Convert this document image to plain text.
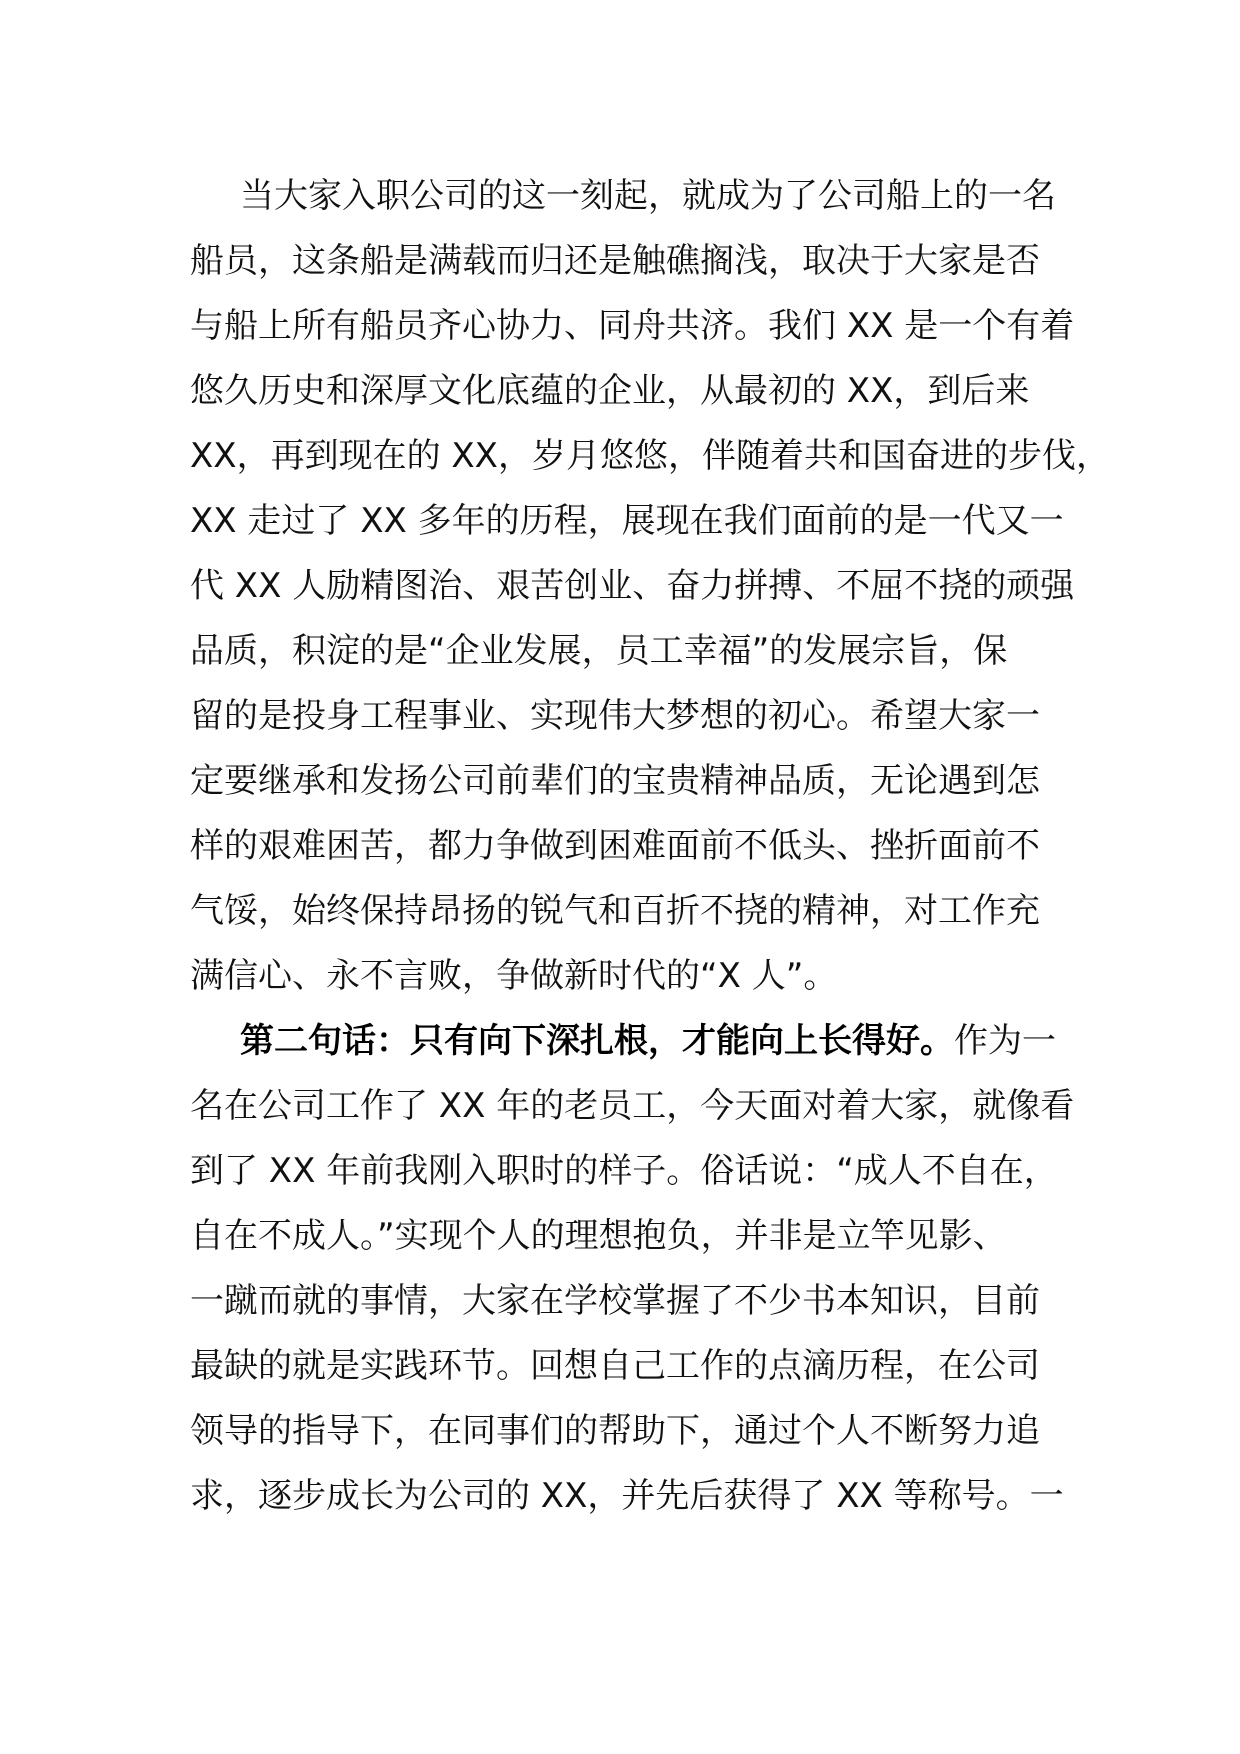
当大家入职公司的这一刻起，就成为了公司船上的一名
船员，这条船是满载而归还是触礁搁浅，取决于大家是否
与船上所有船员齐心协力、同舟共济。我们 XX 是一个有着
悠久历史和深厚文化底蕴的企业，从最初的 XX，到后来
XX，再到现在的 XX，岁月悠悠，伴随着共和国奋进的步伐，
XX 走过了 XX 多年的历程，展现在我们面前的是一代又一
代 XX 人励精图治、艰苦创业、奋力拼搏、不屈不挠的顽强
品质，积淀的是“企业发展，员工幸福”的发展宗旨，保
留的是投身工程事业、实现伟大梦想的初心。希望大家一
定要继承和发扬公司前辈们的宝贵精神品质，无论遇到怎
样的艰难困苦，都力争做到困难面前不低头、挫折面前不
气馁，始终保持昂扬的锐气和百折不挠的精神，对工作充
满信心、永不言败，争做新时代的“X 人”。
第二句话：只有向下深扎根，才能向上长得好。作为一
名在公司工作了 XX 年的老员工，今天面对着大家，就像看
到了 XX 年前我刚入职时的样子。俗话说：“成人不自在，
自在不成人。”实现个人的理想抱负，并非是立竿见影、
一蹴而就的事情，大家在学校掌握了不少书本知识，目前
最缺的就是实践环节。回想自己工作的点滴历程，在公司
领导的指导下，在同事们的帮助下，通过个人不断努力追
求，逐步成长为公司的 XX，并先后获得了 XX 等称号。一
